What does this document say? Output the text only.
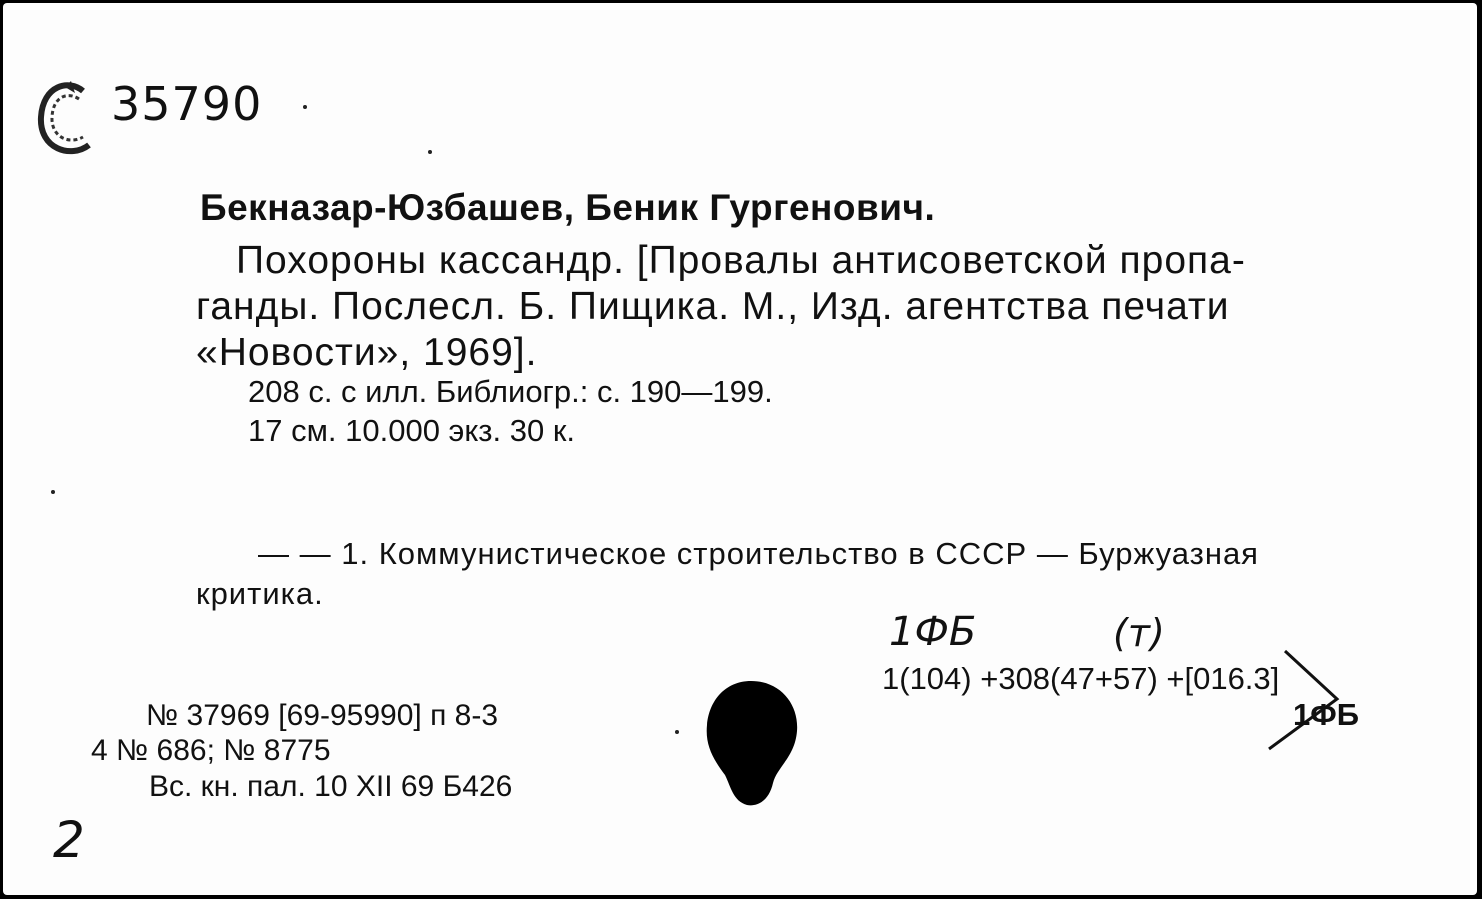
35790
Бекназар-Юзбашев, Беник Гургенович.
Похороны кассандр. [Провалы антисоветской пропа-
ганды. Послесл. Б. Пищика. М., Изд. агентства печати
«Новости», 1969].
208 с. с илл. Библиогр.: с. 190—199.
17 см. 10.000 экз. 30 к.
— — 1. Коммунистическое строительство в СССР — Буржуазная
критика.
1ФБ	(т)
1(104) +308(47+57) +[016.3]
1ФБ
№ 37969 [69-95990] п 8-3
4 № 686; № 8775
Вс. кн. пал. 10 XII 69 Б426
2
